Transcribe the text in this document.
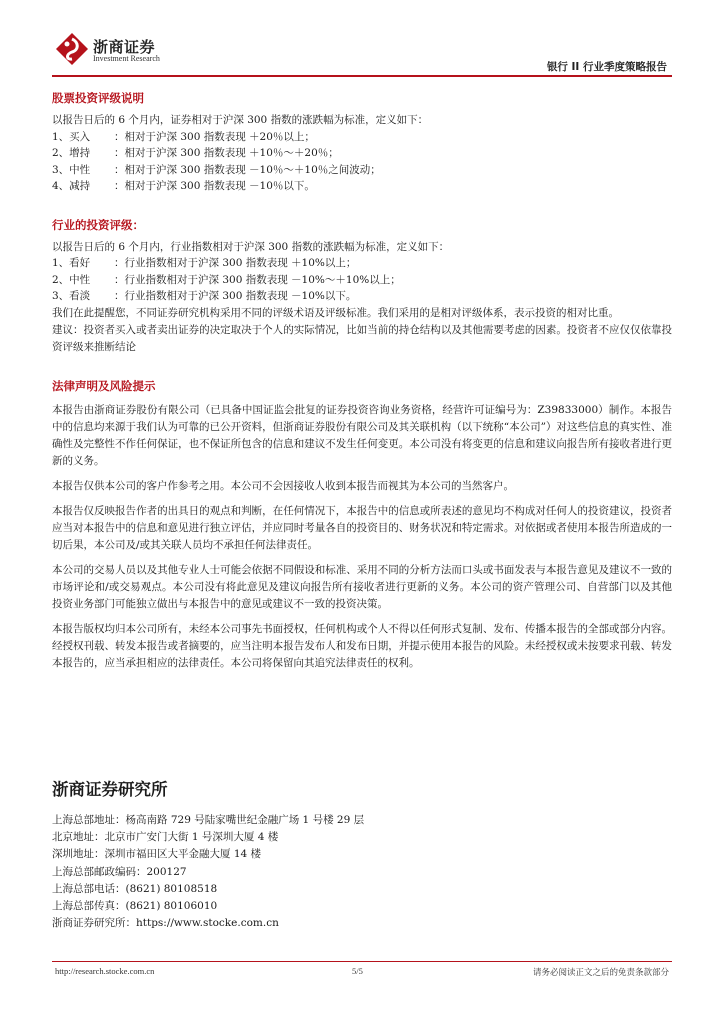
浙商证券
Investment Research
银行 II 行业季度策略报告
股票投资评级说明
以报告日后的 6 个月内，证券相对于沪深 300 指数的涨跌幅为标准，定义如下：
1、买入	：相对于沪深 300 指数表现 ＋20％以上；
2、增持	：相对于沪深 300 指数表现 ＋10％～＋20％；
3、中性	：相对于沪深 300 指数表现 －10％～＋10％之间波动；
4、减持	：相对于沪深 300 指数表现 －10％以下。
行业的投资评级：
以报告日后的 6 个月内，行业指数相对于沪深 300 指数的涨跌幅为标准，定义如下：
1、看好	：行业指数相对于沪深 300 指数表现 ＋10%以上；
2、中性	：行业指数相对于沪深 300 指数表现 －10%～＋10%以上；
3、看淡	：行业指数相对于沪深 300 指数表现 －10%以下。

我们在此提醒您，不同证券研究机构采用不同的评级术语及评级标准。我们采用的是相对评级体系，表示投资的相对比重。

建议：投资者买入或者卖出证券的决定取决于个人的实际情况，比如当前的持仓结构以及其他需要考虑的因素。投资者不应仅仅依靠投资评级来推断结论

法律声明及风险提示

本报告由浙商证券股份有限公司（已具备中国证监会批复的证券投资咨询业务资格，经营许可证编号为：Z39833000）制作。本报告中的信息均来源于我们认为可靠的已公开资料，但浙商证券股份有限公司及其关联机构（以下统称“本公司”）对这些信息的真实性、准确性及完整性不作任何保证，也不保证所包含的信息和建议不发生任何变更。本公司没有将变更的信息和建议向报告所有接收者进行更新的义务。

本报告仅供本公司的客户作参考之用。本公司不会因接收人收到本报告而视其为本公司的当然客户。

本报告仅反映报告作者的出具日的观点和判断，在任何情况下，本报告中的信息或所表述的意见均不构成对任何人的投资建议，投资者应当对本报告中的信息和意见进行独立评估，并应同时考量各自的投资目的、财务状况和特定需求。对依据或者使用本报告所造成的一切后果，本公司及/或其关联人员均不承担任何法律责任。

本公司的交易人员以及其他专业人士可能会依据不同假设和标准、采用不同的分析方法而口头或书面发表与本报告意见及建议不一致的市场评论和/或交易观点。本公司没有将此意见及建议向报告所有接收者进行更新的义务。本公司的资产管理公司、自营部门以及其他投资业务部门可能独立做出与本报告中的意见或建议不一致的投资决策。

本报告版权均归本公司所有，未经本公司事先书面授权，任何机构或个人不得以任何形式复制、发布、传播本报告的全部或部分内容。经授权刊载、转发本报告或者摘要的，应当注明本报告发布人和发布日期，并提示使用本报告的风险。未经授权或未按要求刊载、转发本报告的，应当承担相应的法律责任。本公司将保留向其追究法律责任的权利。

浙商证券研究所
上海总部地址：杨高南路 729 号陆家嘴世纪金融广场 1 号楼 29 层
北京地址：北京市广安门大街 1 号深圳大厦 4 楼
深圳地址：深圳市福田区大平金融大厦 14 楼
上海总部邮政编码：200127
上海总部电话：(8621) 80108518
上海总部传真：(8621) 80106010
浙商证券研究所：https://www.stocke.com.cn
http://research.stocke.com.cn	5/5	请务必阅读正文之后的免责条款部分
